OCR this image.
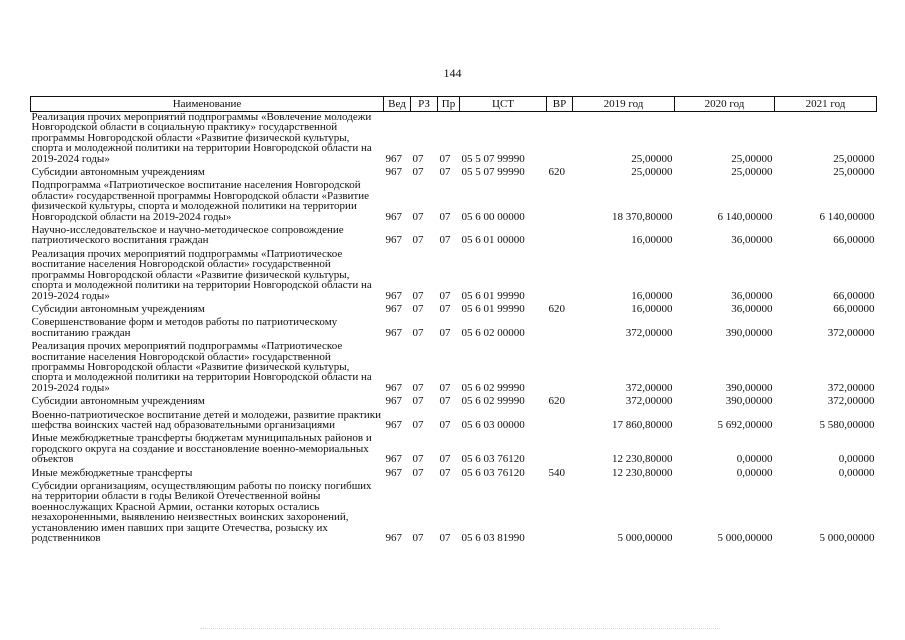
144
Наименование	Вед	РЗ	Пр	ЦСТ	ВР	2019 год	2020 год	2021 год
Реализация прочих мероприятий подпрограммы «Вовлечение молодежи Новгородской области в социальную практику» государственной программы Новгородской области «Развитие физической культуры, спорта и молодежной политики на территории Новгородской области на 2019-2024 годы»	967	07	07	05 5 07 99990		25,00000	25,00000	25,00000
Субсидии автономным учреждениям	967	07	07	05 5 07 99990	620	25,00000	25,00000	25,00000
Подпрограмма «Патриотическое воспитание населения Новгородской области» государственной программы Новгородской области «Развитие физической культуры, спорта и молодежной политики на территории Новгородской области на 2019-2024 годы»	967	07	07	05 6 00 00000		18 370,80000	6 140,00000	6 140,00000
Научно-исследовательское и научно-методическое сопровождение патриотического воспитания граждан	967	07	07	05 6 01 00000		16,00000	36,00000	66,00000
Реализация прочих мероприятий подпрограммы «Патриотическое воспитание населения Новгородской области» государственной программы Новгородской области «Развитие физической культуры, спорта и молодежной политики на территории Новгородской области на 2019-2024 годы»	967	07	07	05 6 01 99990		16,00000	36,00000	66,00000
Субсидии автономным учреждениям	967	07	07	05 6 01 99990	620	16,00000	36,00000	66,00000
Совершенствование форм и методов работы по патриотическому воспитанию граждан	967	07	07	05 6 02 00000		372,00000	390,00000	372,00000
Реализация прочих мероприятий подпрограммы «Патриотическое воспитание населения Новгородской области» государственной программы Новгородской области «Развитие физической культуры, спорта и молодежной политики на территории Новгородской области на 2019-2024 годы»	967	07	07	05 6 02 99990		372,00000	390,00000	372,00000
Субсидии автономным учреждениям	967	07	07	05 6 02 99990	620	372,00000	390,00000	372,00000
Военно-патриотическое воспитание детей и молодежи, развитие практики шефства воинских частей над образовательными организациями	967	07	07	05 6 03 00000		17 860,80000	5 692,00000	5 580,00000
Иные межбюджетные трансферты бюджетам муниципальных районов и городского округа на создание и восстановление военно-мемориальных объектов	967	07	07	05 6 03 76120		12 230,80000	0,00000	0,00000
Иные межбюджетные трансферты	967	07	07	05 6 03 76120	540	12 230,80000	0,00000	0,00000
Субсидии организациям, осуществляющим работы по поиску погибших на территории области в годы Великой Отечественной войны военнослужащих Красной Армии, останки которых остались незахороненными, выявлению неизвестных воинских захоронений, установлению имен павших при защите Отечества, розыску их родственников	967	07	07	05 6 03 81990		5 000,00000	5 000,00000	5 000,00000
